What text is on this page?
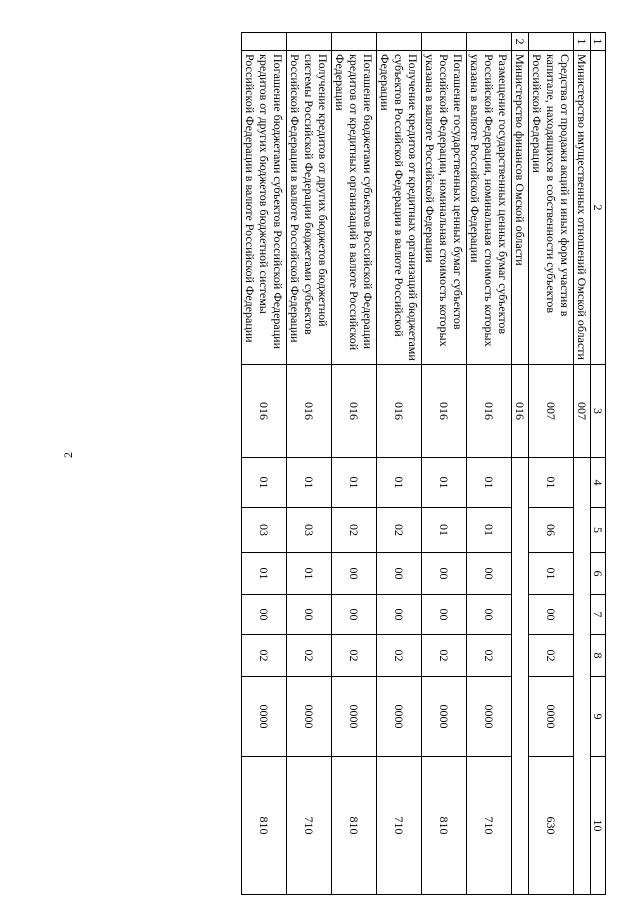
2
1	2	3	4	5	6	7	8	9	10
1	Министерство имущественных отношений Омской области	007							
	Средства от продажи акций и иных форм участия в капитале, находящихся в собственности субъектов Российской Федерации	007	01	06	01	00	02	0000	630
2	Министерство финансов Омской области	016							
	Размещение государственных ценных бумаг субъектов Российской Федерации, номинальная стоимость которых указана в валюте Российской Федерации	016	01	01	00	00	02	0000	710
	Погашение государственных ценных бумаг субъектов Российской Федерации, номинальная стоимость которых указана в валюте Российской Федерации	016	01	01	00	00	02	0000	810
	Получение кредитов от кредитных организаций бюджетами субъектов Российской Федерации в валюте Российской Федерации	016	01	02	00	00	02	0000	710
	Погашение бюджетами субъектов Российской Федерации кредитов от кредитных организаций в валюте Российской Федерации	016	01	02	00	00	02	0000	810
	Получение кредитов от других бюджетов бюджетной системы Российской Федерации бюджетами субъектов Российской Федерации в валюте Российской Федерации	016	01	03	01	00	02	0000	710
	Погашение бюджетами субъектов Российской Федерации кредитов от других бюджетов бюджетной системы Российской Федерации в валюте Российской Федерации	016	01	03	01	00	02	0000	810
